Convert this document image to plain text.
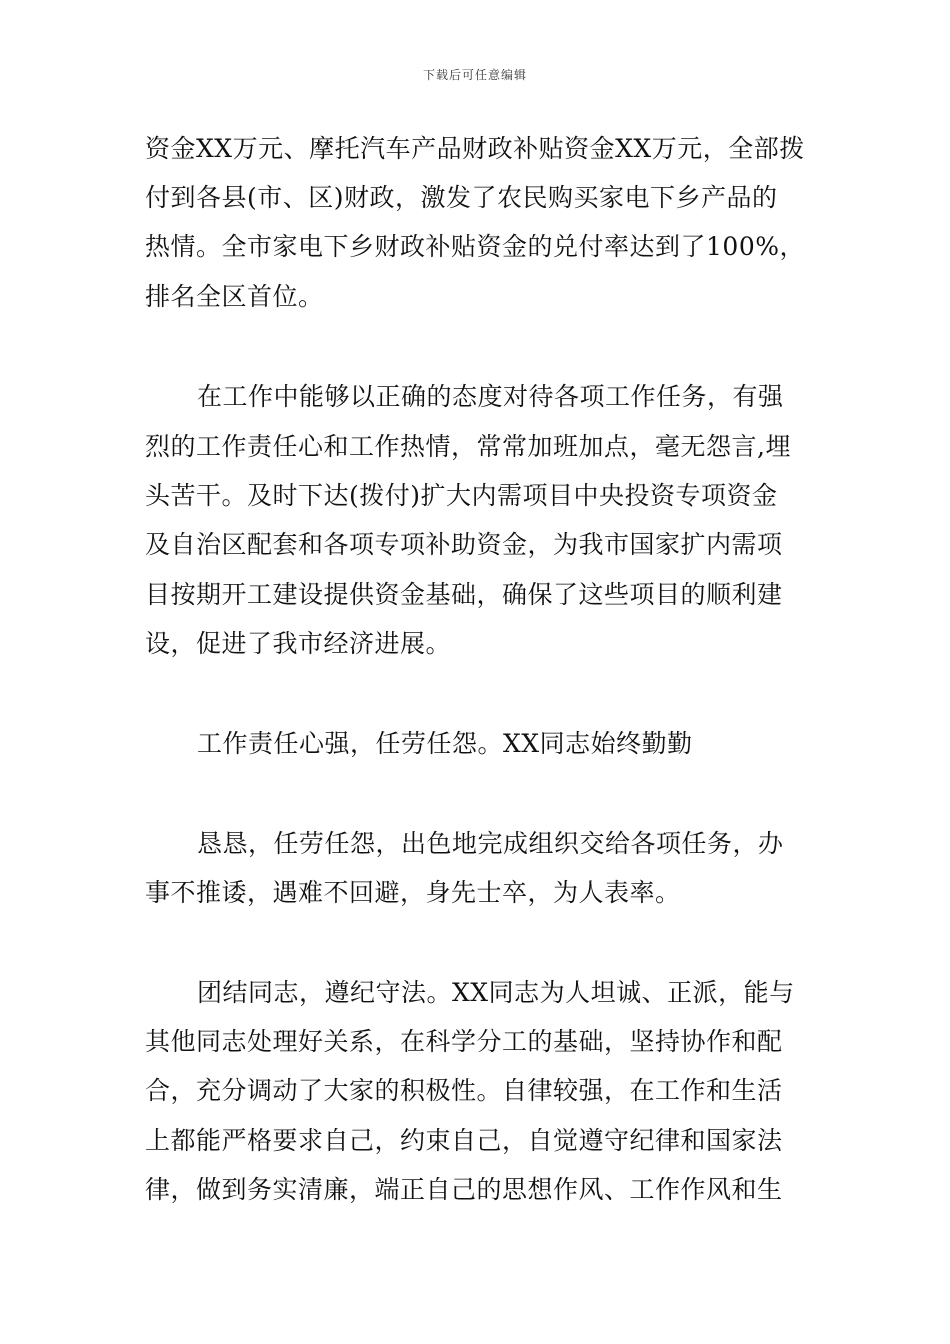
下载后可任意编辑
资金XX万元、摩托汽车产品财政补贴资金XX万元，全部拨
付到各县(市、区)财政，激发了农民购买家电下乡产品的
热情。全市家电下乡财政补贴资金的兑付率达到了100%，
排名全区首位。
在工作中能够以正确的态度对待各项工作任务，有强
烈的工作责任心和工作热情，常常加班加点，毫无怨言,埋
头苦干。及时下达(拨付)扩大内需项目中央投资专项资金
及自治区配套和各项专项补助资金，为我市国家扩内需项
目按期开工建设提供资金基础，确保了这些项目的顺利建
设，促进了我市经济进展。
工作责任心强，任劳任怨。XX同志始终勤勤
恳恳，任劳任怨，出色地完成组织交给各项任务，办
事不推诿，遇难不回避，身先士卒，为人表率。
团结同志，遵纪守法。XX同志为人坦诚、正派，能与
其他同志处理好关系，在科学分工的基础，坚持协作和配
合，充分调动了大家的积极性。自律较强，在工作和生活
上都能严格要求自己，约束自己，自觉遵守纪律和国家法
律，做到务实清廉，端正自己的思想作风、工作作风和生
